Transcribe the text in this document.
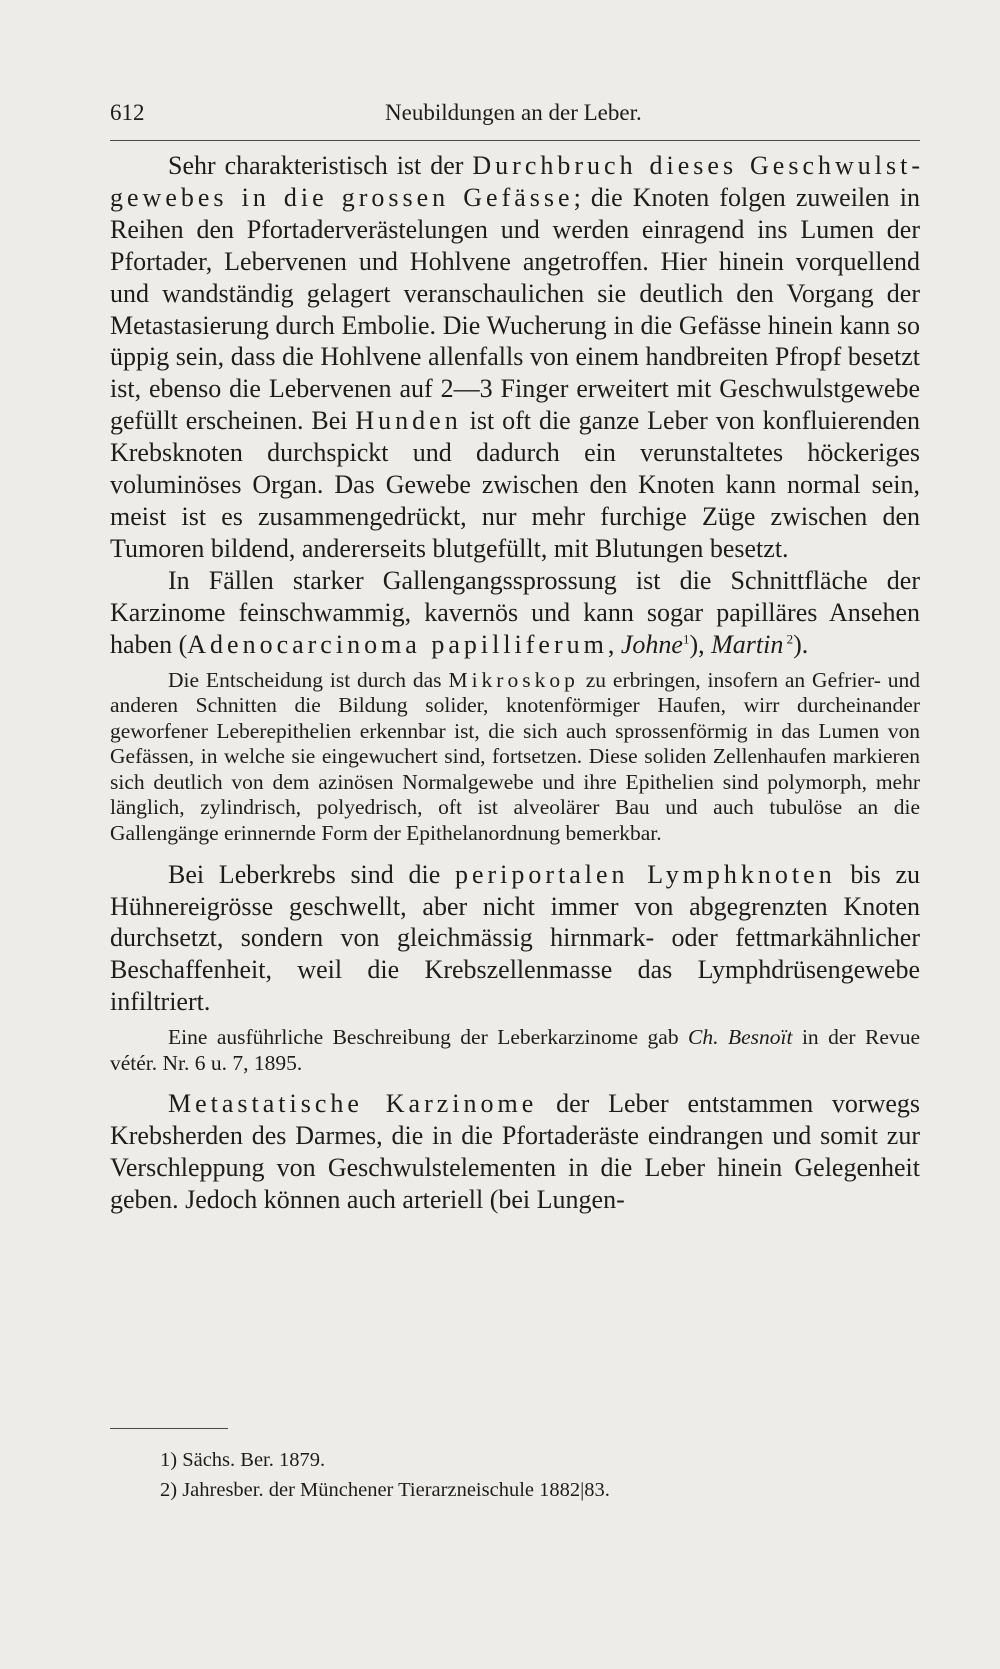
612	Neubildungen an der Leber.

Sehr charakteristisch ist der Durchbruch dieses Geschwulstgewebes in die grossen Gefässe; die Knoten folgen zuweilen in Reihen den Pfortaderverästelungen und werden einragend ins Lumen der Pfortader, Lebervenen und Hohlvene angetroffen. Hier hinein vorquellend und wandständig gelagert veranschaulichen sie deutlich den Vorgang der Metastasierung durch Embolie. Die Wucherung in die Gefässe hinein kann so üppig sein, dass die Hohlvene allenfalls von einem handbreiten Pfropf besetzt ist, ebenso die Lebervenen auf 2—3 Finger erweitert mit Geschwulstgewebe gefüllt erscheinen. Bei Hunden ist oft die ganze Leber von konfluierenden Krebsknoten durchspickt und dadurch ein verunstaltetes höckeriges voluminöses Organ. Das Gewebe zwischen den Knoten kann normal sein, meist ist es zusammengedrückt, nur mehr furchige Züge zwischen den Tumoren bildend, andererseits blutgefüllt, mit Blutungen besetzt.

In Fällen starker Gallengangssprossung ist die Schnittfläche der Karzinome feinschwammig, kavernös und kann sogar papilläres Ansehen haben (Adenocarcinoma papilliferum, Johne$^1$), Martin $^2$).

Die Entscheidung ist durch das Mikroskop zu erbringen, insofern an Gefrier- und anderen Schnitten die Bildung solider, knotenförmiger Haufen, wirr durcheinander geworfener Leberepithelien erkennbar ist, die sich auch sprossenförmig in das Lumen von Gefässen, in welche sie eingewuchert sind, fortsetzen. Diese soliden Zellenhaufen markieren sich deutlich von dem azinösen Normalgewebe und ihre Epithelien sind polymorph, mehr länglich, zylindrisch, polyedrisch, oft ist alveolärer Bau und auch tubulöse an die Gallengänge erinnernde Form der Epithelanordnung bemerkbar.

Bei Leberkrebs sind die periportalen Lymphknoten bis zu Hühnereigrösse geschwellt, aber nicht immer von abgegrenzten Knoten durchsetzt, sondern von gleichmässig hirnmark- oder fettmarkähnlicher Beschaffenheit, weil die Krebszellenmasse das Lymphdrüsengewebe infiltriert.

Eine ausführliche Beschreibung der Leberkarzinome gab Ch. Besnoït in der Revue vétér. Nr. 6 u. 7, 1895.

Metastatische Karzinome der Leber entstammen vorwegs Krebsherden des Darmes, die in die Pfortaderäste eindrangen und somit zur Verschleppung von Geschwulstelementen in die Leber hinein Gelegenheit geben. Jedoch können auch arteriell (bei Lungen-

1) Sächs. Ber. 1879.
2) Jahresber. der Münchener Tierarzneischule 1882|83.
